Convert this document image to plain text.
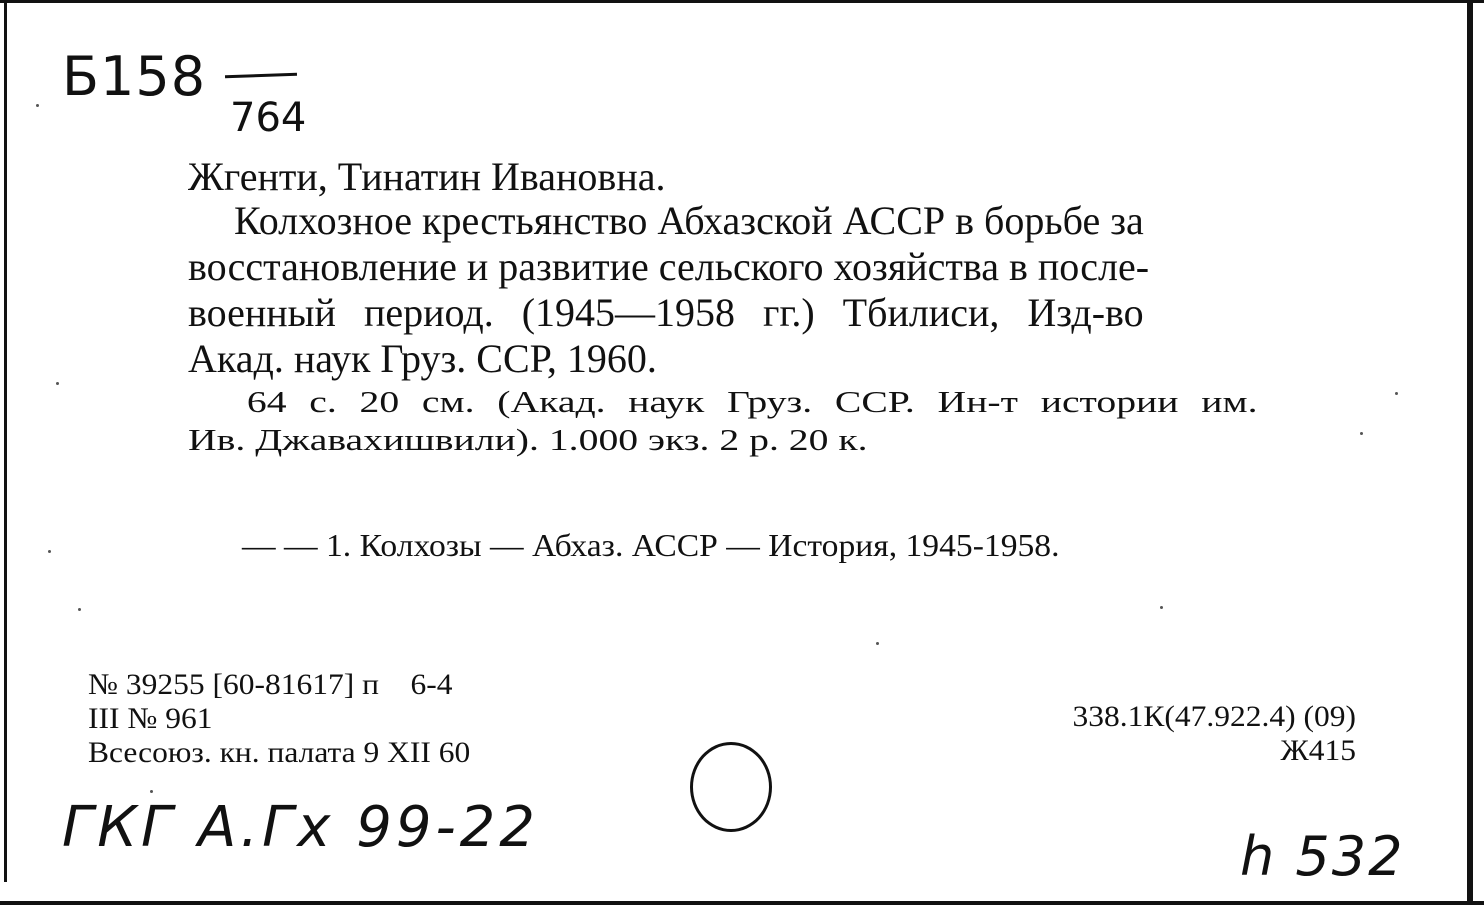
Б158
764
Жгенти, Тинатин Ивановна.
Колхозное крестьянство Абхазской АССР в борьбе за
восстановление и развитие сельского хозяйства в после-
военный период. (1945—1958 гг.) Тбилиси, Изд-во
Акад. наук Груз. ССР, 1960.
64 с. 20 см. (Акад. наук Груз. ССР. Ин-т истории им.
Ив. Джавахишвили). 1.000 экз. 2 р. 20 к.
— — 1. Колхозы — Абхаз. АССР — История, 1945-1958.
№ 39255 [60-81617] п    6-4
III № 961
Всесоюз. кн. палата 9 XII 60
338.1К(47.922.4) (09)
Ж415
ГКГ А.Гх 99-22	h 532
